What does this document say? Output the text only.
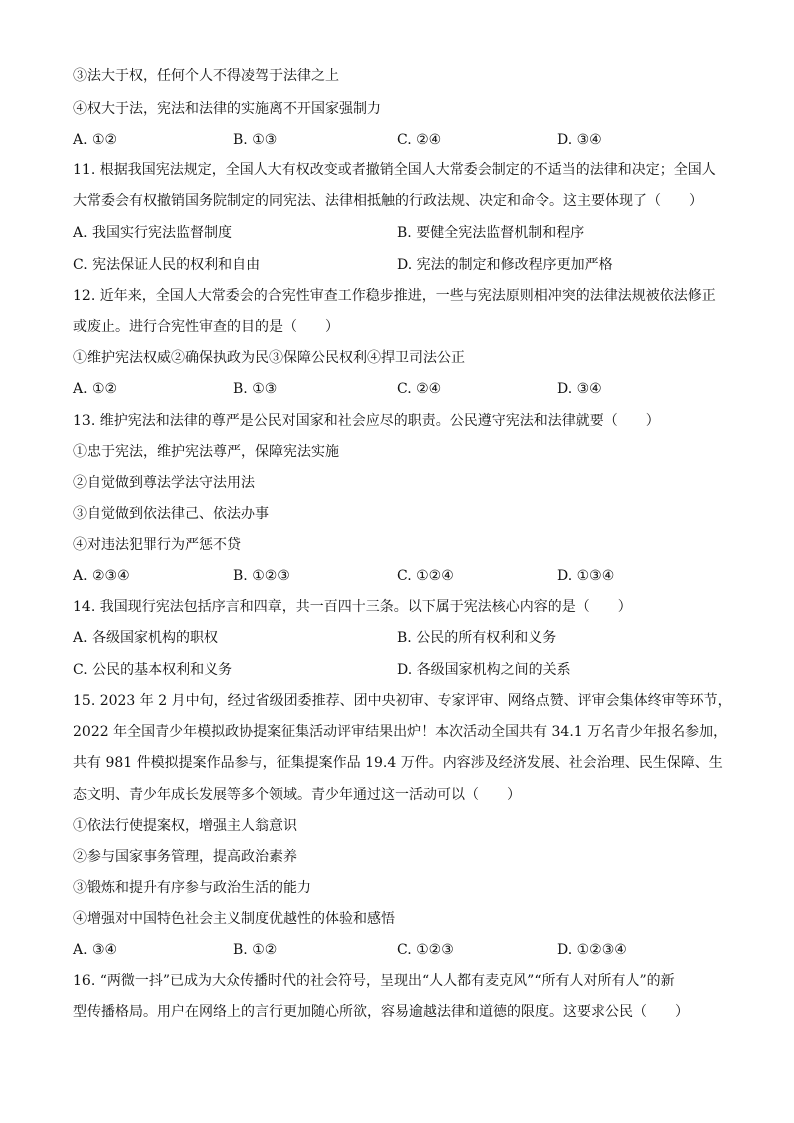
③法大于权，任何个人不得凌驾于法律之上
④权大于法，宪法和法律的实施离不开国家强制力
A. ①②	B. ①③	C. ②④	D. ③④
11. 根据我国宪法规定，全国人大有权改变或者撤销全国人大常委会制定的不适当的法律和决定；全国人
大常委会有权撤销国务院制定的同宪法、法律相抵触的行政法规、决定和命令。这主要体现了（　　）
A. 我国实行宪法监督制度	B. 要健全宪法监督机制和程序
C. 宪法保证人民的权利和自由	D. 宪法的制定和修改程序更加严格
12. 近年来，全国人大常委会的合宪性审查工作稳步推进，一些与宪法原则相冲突的法律法规被依法修正
或废止。进行合宪性审查的目的是（　　）
①维护宪法权威②确保执政为民③保障公民权利④捍卫司法公正
A. ①②	B. ①③	C. ②④	D. ③④
13. 维护宪法和法律的尊严是公民对国家和社会应尽的职责。公民遵守宪法和法律就要（　　）
①忠于宪法，维护宪法尊严，保障宪法实施
②自觉做到尊法学法守法用法
③自觉做到依法律己、依法办事
④对违法犯罪行为严惩不贷
A. ②③④	B. ①②③	C. ①②④	D. ①③④
14. 我国现行宪法包括序言和四章，共一百四十三条。以下属于宪法核心内容的是（　　）
A. 各级国家机构的职权	B. 公民的所有权利和义务
C. 公民的基本权利和义务	D. 各级国家机构之间的关系
15. 2023 年 2 月中旬，经过省级团委推荐、团中央初审、专家评审、网络点赞、评审会集体终审等环节，
2022 年全国青少年模拟政协提案征集活动评审结果出炉！本次活动全国共有 34.1 万名青少年报名参加，
共有 981 件模拟提案作品参与，征集提案作品 19.4 万件。内容涉及经济发展、社会治理、民生保障、生
态文明、青少年成长发展等多个领域。青少年通过这一活动可以（　　）
①依法行使提案权，增强主人翁意识
②参与国家事务管理，提高政治素养
③锻炼和提升有序参与政治生活的能力
④增强对中国特色社会主义制度优越性的体验和感悟
A. ③④	B. ①②	C. ①②③	D. ①②③④
16. “两微一抖”已成为大众传播时代的社会符号，呈现出“人人都有麦克风”“所有人对所有人”的新
型传播格局。用户在网络上的言行更加随心所欲，容易逾越法律和道德的限度。这要求公民（　　）
